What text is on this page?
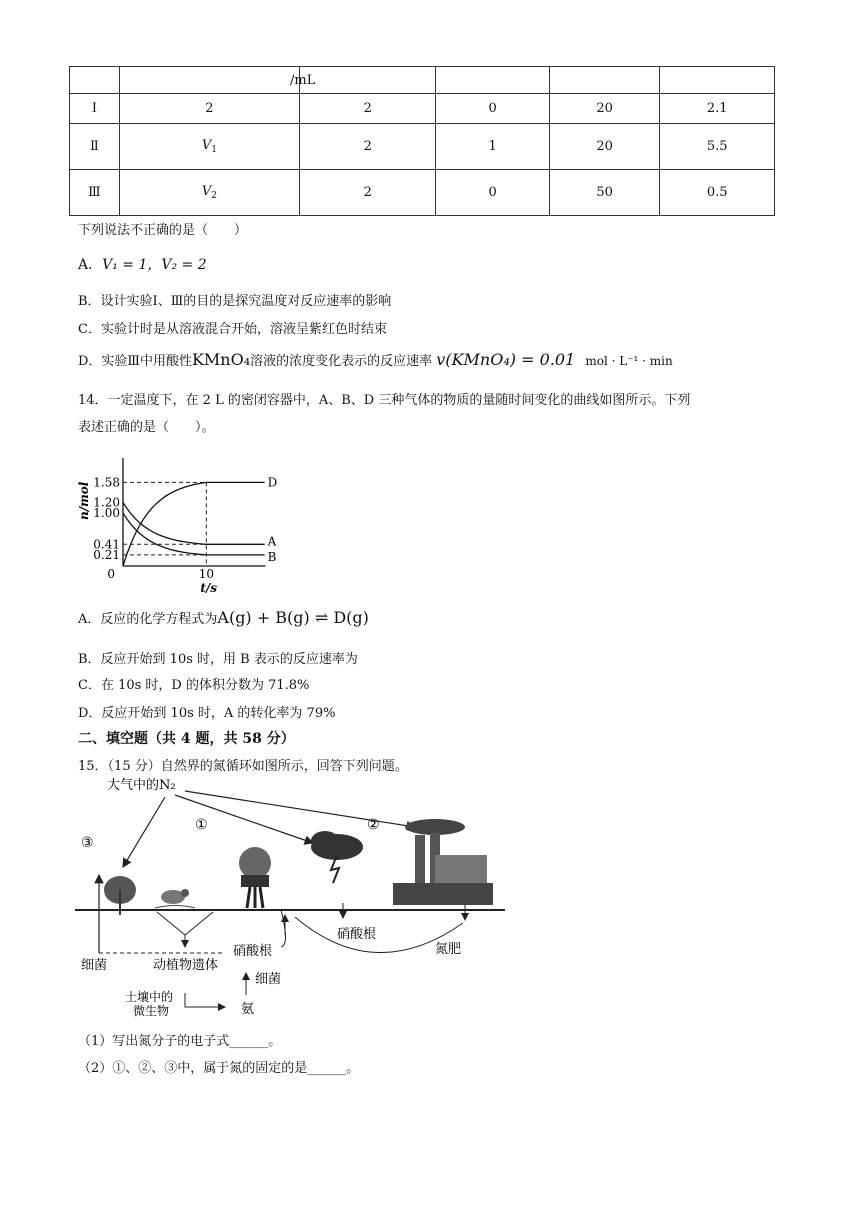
		/mL			
Ⅰ	2	2	0	20	2.1
Ⅱ	$V_1$	2	1	20	5.5
Ⅲ	$V_2$	2	0	50	0.5
下列说法不正确的是（　　）
A．V₁ = 1，V₂ = 2
B．设计实验Ⅰ、Ⅲ的目的是探究温度对反应速率的影响
C．实验计时是从溶液混合开始，溶液呈紫红色时结束
D．实验Ⅲ中用酸性KMnO₄溶液的浓度变化表示的反应速率 v(KMnO₄) = 0.01 mol · L⁻¹ · min
14．一定温度下，在 2 L 的密闭容器中，A、B、D 三种气体的物质的量随时间变化的曲线如图所示。下列
表述正确的是（　　）。
0.21
0.41
1.00
1.20
1.58
0	10
t/s
n/mol	D
A
B
A．反应的化学方程式为A(g) + B(g) ⇌ D(g)
B．反应开始到 10s 时，用 B 表示的反应速率为
C．在 10s 时，D 的体积分数为 71.8%
D．反应开始到 10s 时，A 的转化率为 79%
二、填空题（共 4 题，共 58 分）
15．（15 分）自然界的氮循环如图所示，回答下列问题。
大气中的N₂
①	②
③
硝酸根
硝酸根	氮肥
细菌	动植物遗体
细菌
土壤中的
微生物	氨
（1）写出氮分子的电子式______。
（2）①、②、③中，属于氮的固定的是______。
